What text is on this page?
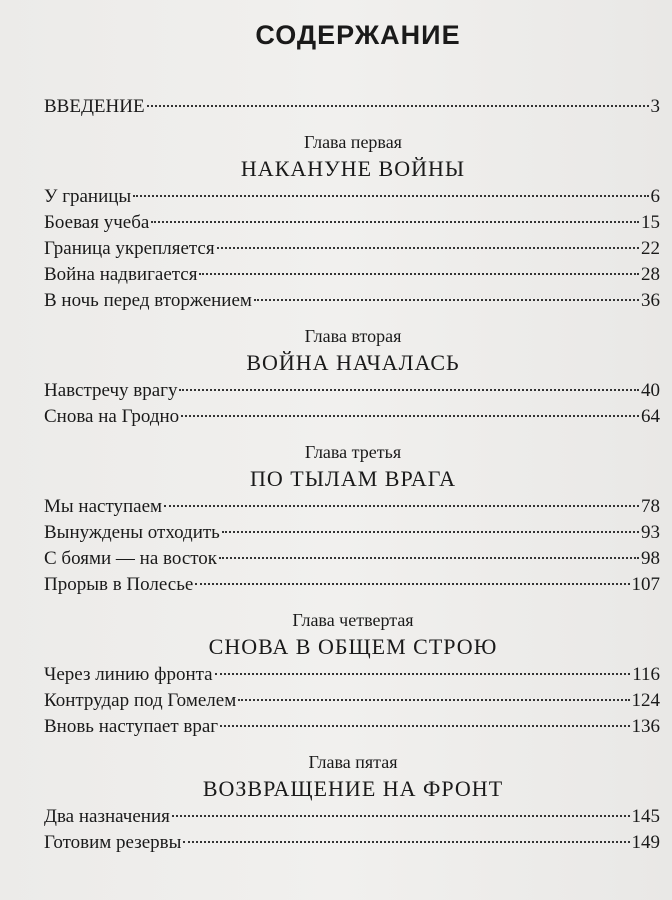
СОДЕРЖАНИЕ
ВВЕДЕНИЕ	3
Глава первая
НАКАНУНЕ ВОЙНЫ
У границы	6
Боевая учеба	15
Граница укрепляется	22
Война надвигается	28
В ночь перед вторжением	36
Глава вторая
ВОЙНА НАЧАЛАСЬ
Навстречу врагу	40
Снова на Гродно	64
Глава третья
ПО ТЫЛАМ ВРАГА
Мы наступаем	78
Вынуждены отходить	93
С боями — на восток	98
Прорыв в Полесье	107
Глава четвертая
СНОВА В ОБЩЕМ СТРОЮ
Через линию фронта	116
Контрудар под Гомелем	124
Вновь наступает враг	136
Глава пятая
ВОЗВРАЩЕНИЕ НА ФРОНТ
Два назначения	145
Готовим резервы	149
